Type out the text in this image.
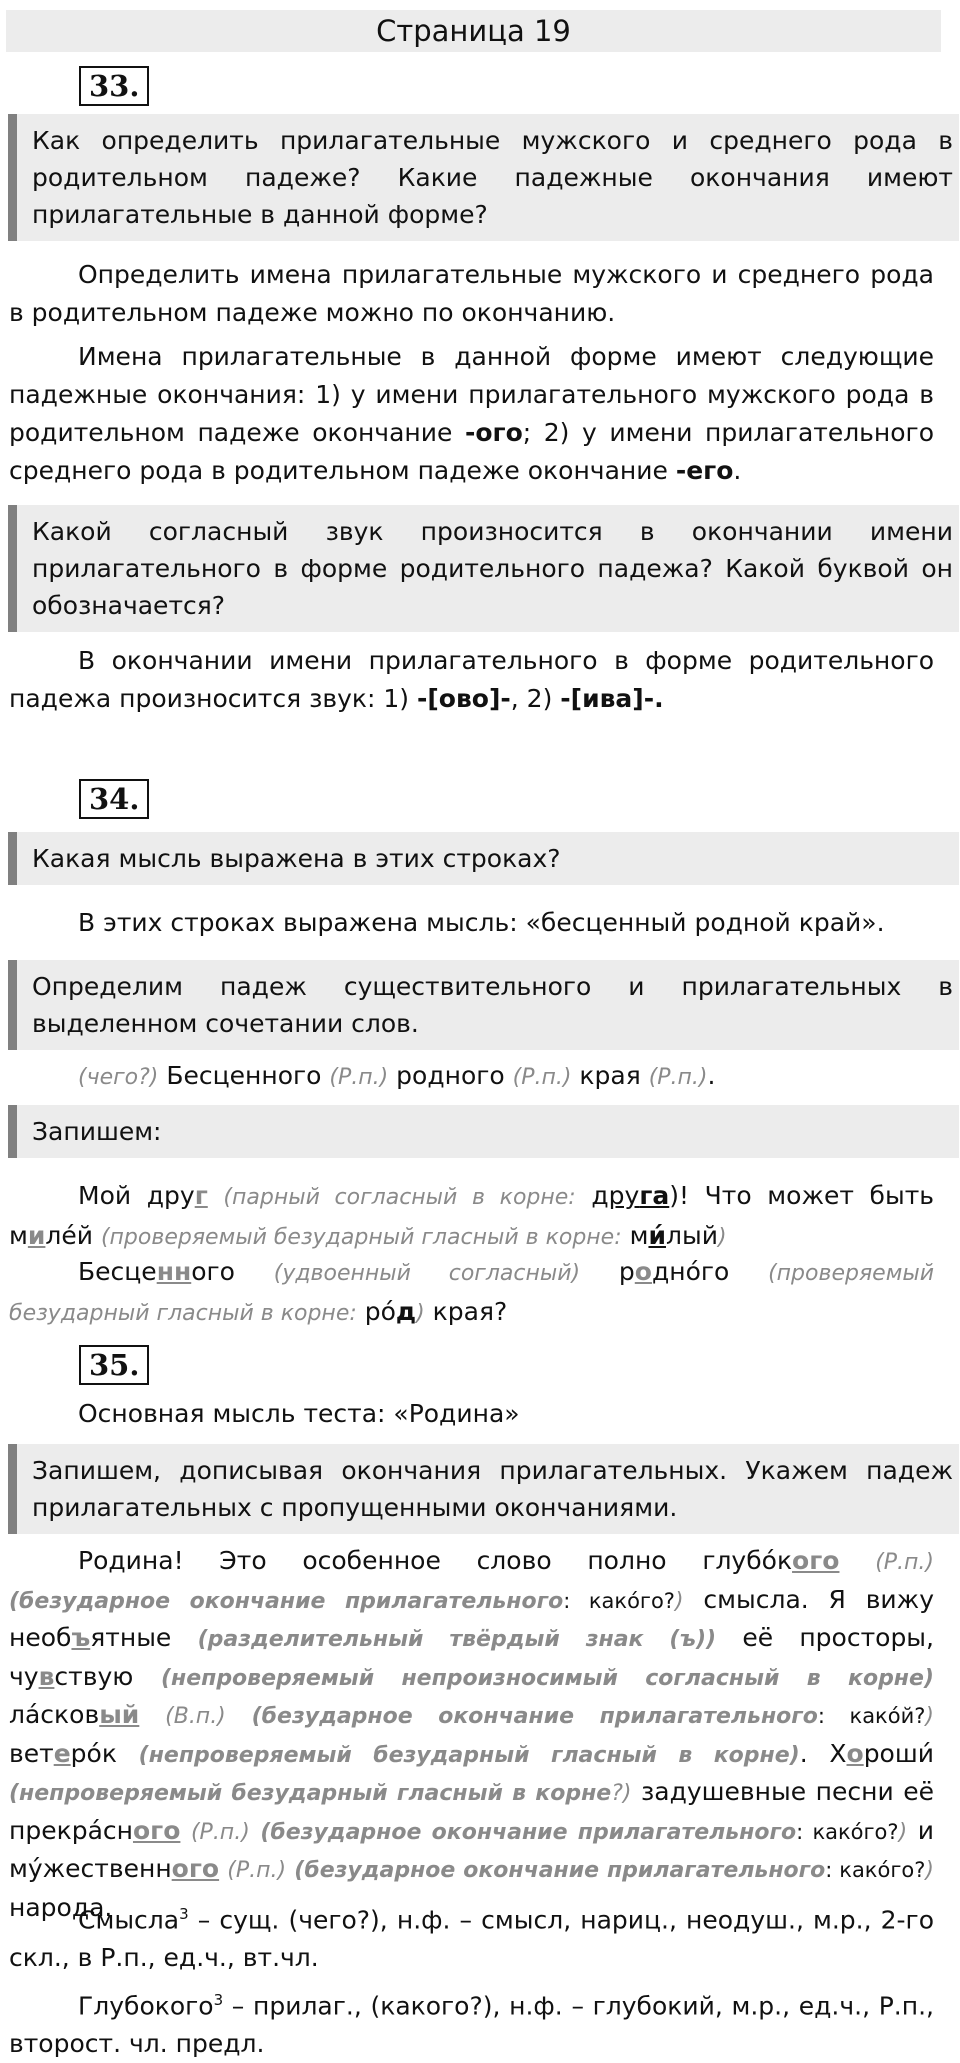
Страница 19
33.
Как определить прилагательные мужского и среднего рода в родительном падеже? Какие падежные окончания имеют прилагательные в данной форме?
Определить имена прилагательные мужского и среднего рода в родительном падеже можно по окончанию.
Имена прилагательные в данной форме имеют следующие падежные окончания: 1) у имени прилагательного мужского рода в родительном падеже окончание -ого; 2) у имени прилагательного среднего рода в родительном падеже окончание -его.
Какой согласный звук произносится в окончании имени прилагательного в форме родительного падежа? Какой буквой он обозначается?
В окончании имени прилагательного в форме родительного падежа произносится звук: 1) -[ово]-, 2) -[ива]-.
34.
Какая мысль выражена в этих строках?
В этих строках выражена мысль: «бесценный родной край».
Определим падеж существительного и прилагательных в выделенном сочетании слов.
(чего?) Бесценного (Р.п.) родного (Р.п.) края (Р.п.).
Запишем:
Мой друг (парный согласный в корне: друга)! Что может быть миле́й (проверяемый безударный гласный в корне: ми́лый)
Бесценного (удвоенный согласный) родно́го (проверяемый безударный гласный в корне: ро́д) края?
35.
Основная мысль теста: «Родина»
Запишем, дописывая окончания прилагательных. Укажем падеж прилагательных с пропущенными окончаниями.
Родина! Это особенное слово полно глубо́кого (Р.п.) (безударное окончание прилагательного: како́го?) смысла. Я вижу необъятные (разделительный твёрдый знак (ъ)) её просторы, чувствую (непроверяемый непроизносимый согласный в корне) ла́сковый (В.п.) (безударное окончание прилагательного: како́й?) ветеро́к (непроверяемый безударный гласный в корне). Хороши́ (непроверяемый безударный гласный в корне?) задушевные песни её прекра́сного (Р.п.) (безударное окончание прилагательного: како́го?) и му́жественного (Р.п.) (безударное окончание прилагательного: како́го?) народа.
Смысла$^3$ – сущ. (чего?), н.ф. – смысл, нариц., неодуш., м.р., 2-го скл., в Р.п., ед.ч., вт.чл.
Глубокого$^3$ – прилаг., (какого?), н.ф. – глубокий, м.р., ед.ч., Р.п., второст. чл. предл.
